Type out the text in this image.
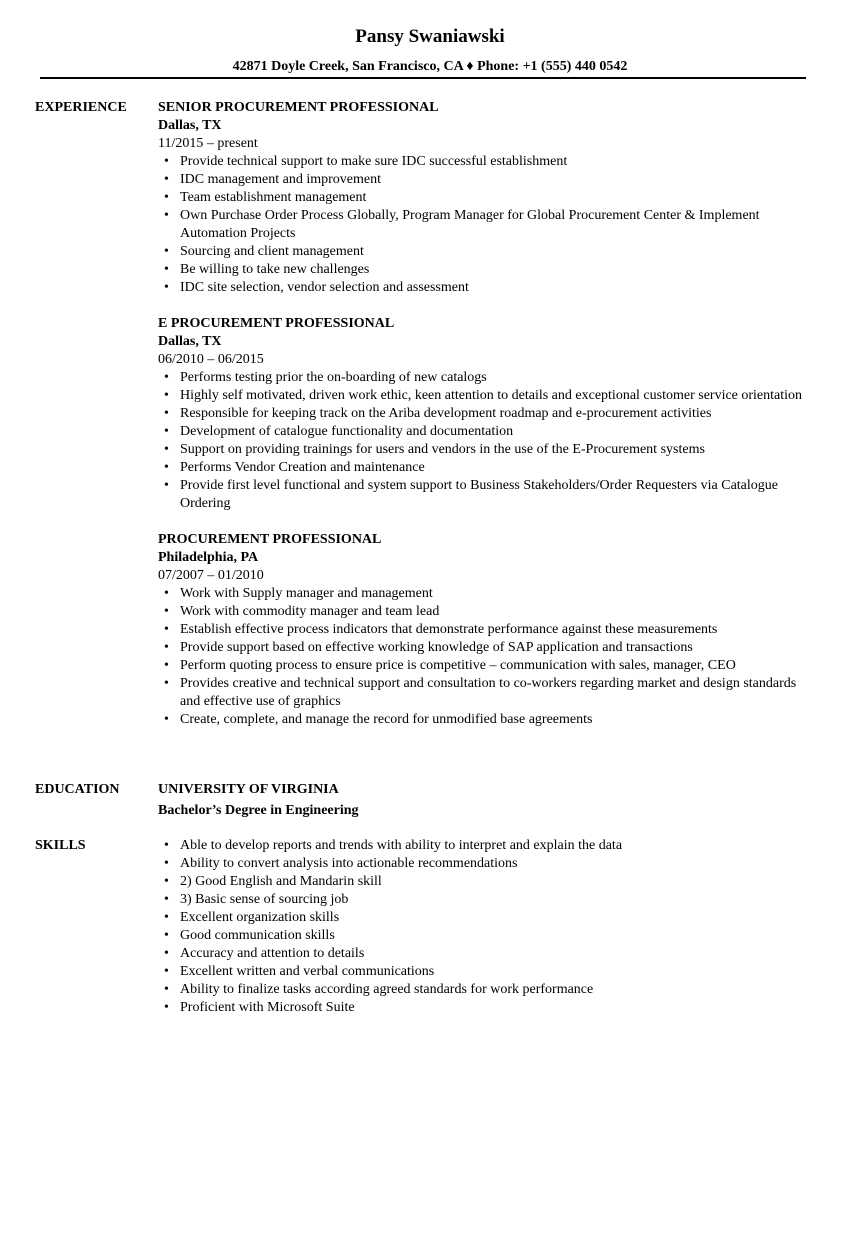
Pansy Swaniawski
42871 Doyle Creek, San Francisco, CA ♦ Phone: +1 (555) 440 0542
EXPERIENCE SENIOR PROCUREMENT PROFESSIONAL
Dallas, TX
11/2015 – present
• Provide technical support to make sure IDC successful establishment
• IDC management and improvement
• Team establishment management
• Own Purchase Order Process Globally, Program Manager for Global Procurement Center & Implement Automation Projects
• Sourcing and client management
• Be willing to take new challenges
• IDC site selection, vendor selection and assessment
E PROCUREMENT PROFESSIONAL
Dallas, TX
06/2010 – 06/2015
• Performs testing prior the on-boarding of new catalogs
• Highly self motivated, driven work ethic, keen attention to details and exceptional customer service orientation
• Responsible for keeping track on the Ariba development roadmap and e-procurement activities
• Development of catalogue functionality and documentation
• Support on providing trainings for users and vendors in the use of the E-Procurement systems
• Performs Vendor Creation and maintenance
• Provide first level functional and system support to Business Stakeholders/Order Requesters via Catalogue Ordering
PROCUREMENT PROFESSIONAL
Philadelphia, PA
07/2007 – 01/2010
• Work with Supply manager and management
• Work with commodity manager and team lead
• Establish effective process indicators that demonstrate performance against these measurements
• Provide support based on effective working knowledge of SAP application and transactions
• Perform quoting process to ensure price is competitive – communication with sales, manager, CEO
• Provides creative and technical support and consultation to co-workers regarding market and design standards and effective use of graphics
• Create, complete, and manage the record for unmodified base agreements
EDUCATION	UNIVERSITY OF VIRGINIA
Bachelor’s Degree in Engineering
SKILLS
•	Able to develop reports and trends with ability to interpret and explain the data
• Ability to convert analysis into actionable recommendations
• 2) Good English and Mandarin skill
• 3) Basic sense of sourcing job
• Excellent organization skills
• Good communication skills
• Accuracy and attention to details
• Excellent written and verbal communications
• Ability to finalize tasks according agreed standards for work performance
• Proficient with Microsoft Suite
